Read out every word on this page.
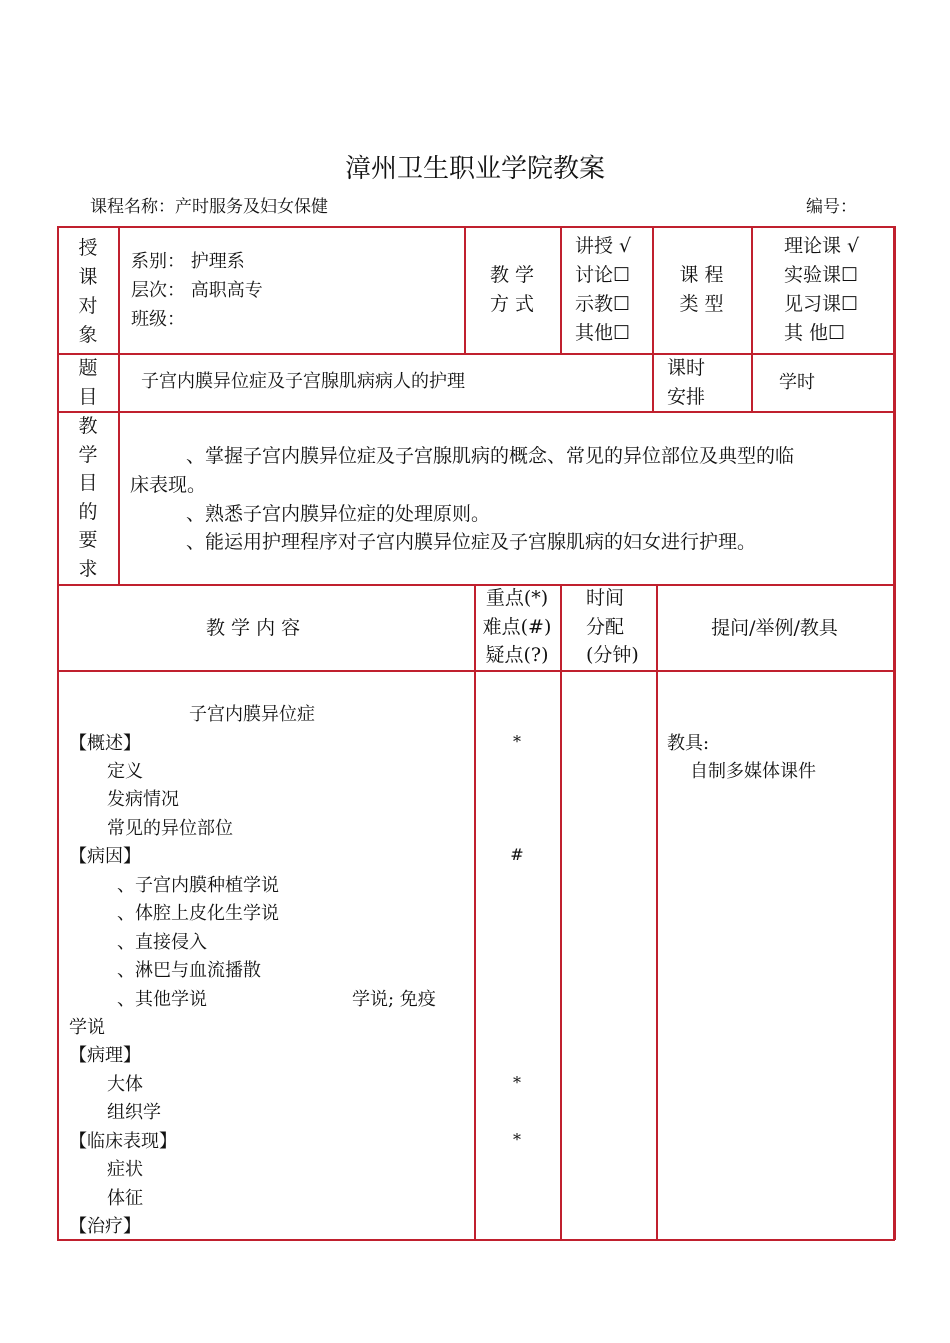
漳州卫生职业学院教案
课程名称：产时服务及妇女保健	编号：
授
课
对
象
系别： 护理系
层次： 高职高专
班级：
教 学
方 式
讲授 √
讨论☐
示教☐
其他☐
课 程
类 型
理论课 √
实验课☐
见习课☐
其 他☐
题
目
子宫内膜异位症及子宫腺肌病病人的护理
课时
安排
学时
教
学
目
的
要
求
、掌握子宫内膜异位症及子宫腺肌病的概念、常见的异位部位及典型的临
床表现。
、熟悉子宫内膜异位症的处理原则。
、能运用护理程序对子宫内膜异位症及子宫腺肌病的妇女进行护理。
教 学 内 容
重点(*)
难点(#)
疑点(?)
时间
分配
(分钟)
提问/举例/教具
子宫内膜异位症
【概述】
定义
发病情况
常见的异位部位
【病因】
、子宫内膜种植学说
、体腔上皮化生学说
、直接侵入
、淋巴与血流播散
、其他学说	学说; 免疫
学说
【病理】
大体
组织学
【临床表现】
症状
体征
【治疗】
*
#
*
*
教具:
自制多媒体课件
